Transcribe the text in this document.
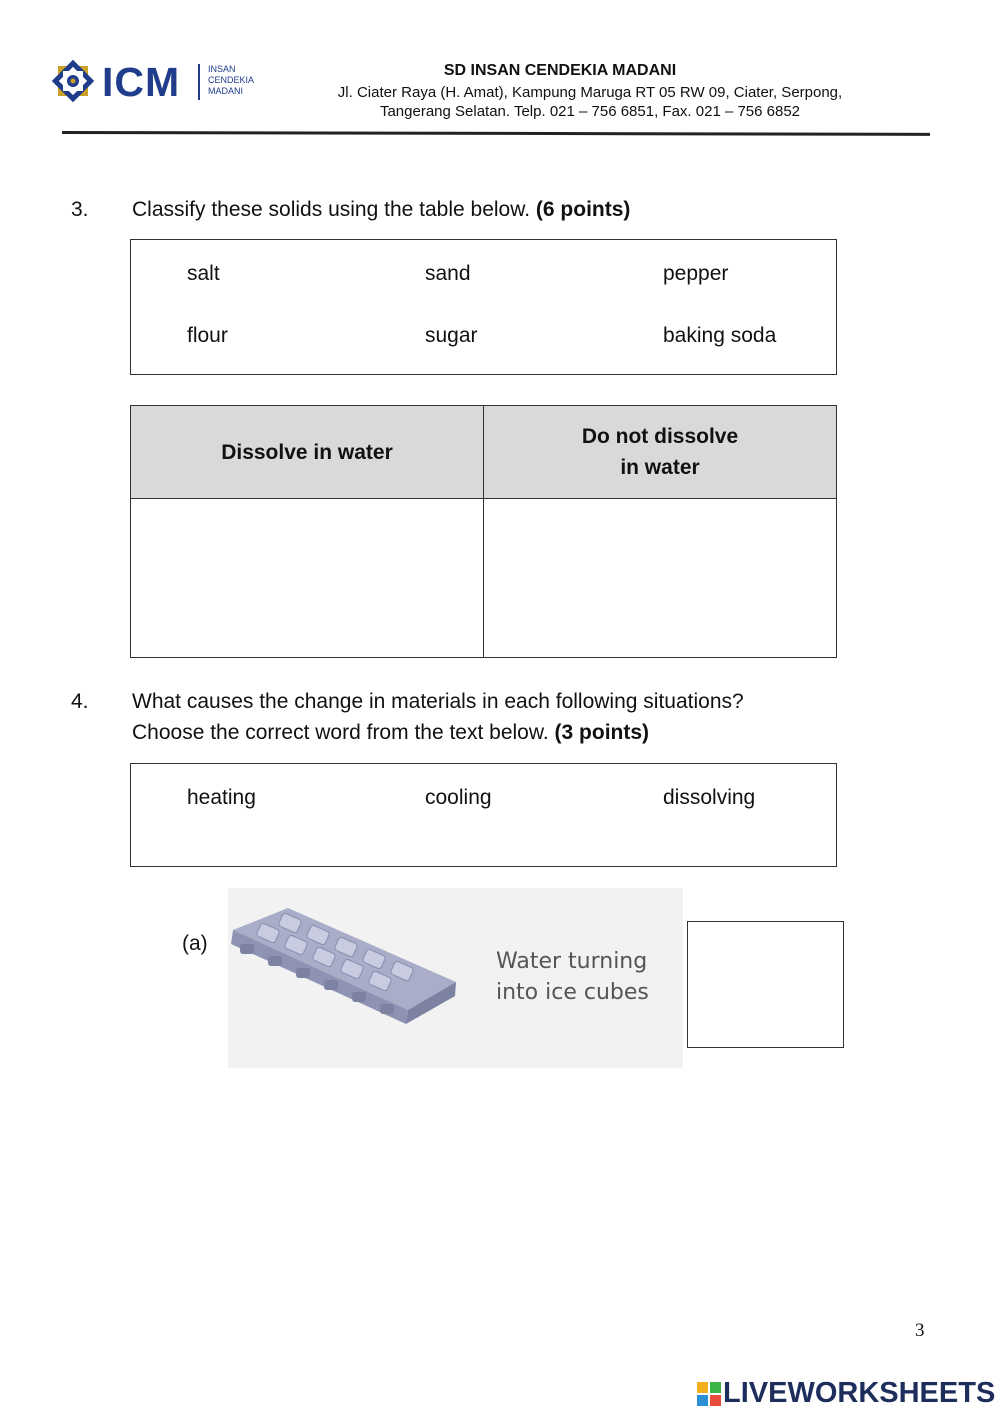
ICM	INSAN
CENDEKIA
MADANI
SD INSAN CENDEKIA MADANI
Jl. Ciater Raya (H. Amat), Kampung Maruga RT 05 RW 09, Ciater, Serpong,
Tangerang Selatan. Telp. 021 – 756 6851, Fax. 021 – 756 6852
3. Classify these solids using the table below. (6 points)
salt	sand	pepper
flour	sugar	baking soda
Dissolve in water	Do not dissolve
in water

4. What causes the change in materials in each following situations?
Choose the correct word from the text below. (3 points)
heating	cooling	dissolving
(a)
Water turning
into ice cubes
3
LIVEWORKSHEETS
